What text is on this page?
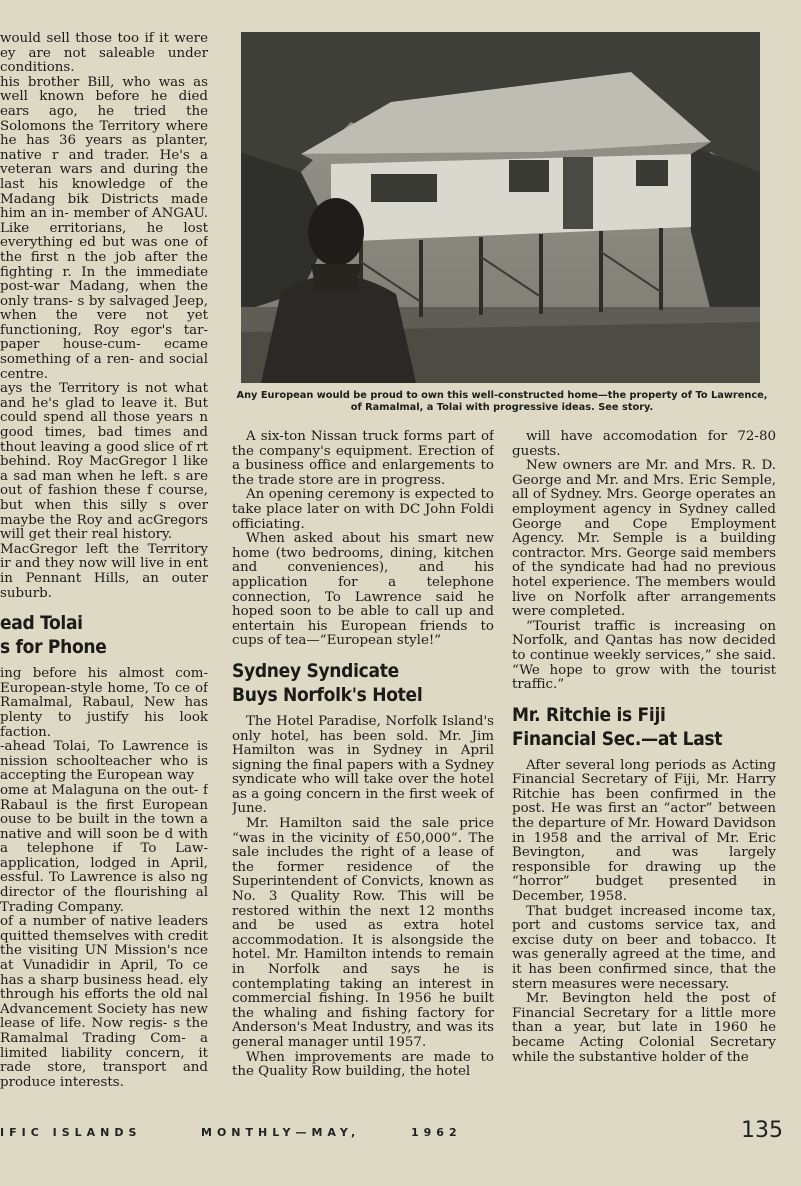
would sell those too if it were ey are not saleable under conditions.

his brother Bill, who was as well known before he died ears ago, he tried the Solomons the Territory where he has 36 years as planter, native r and trader. He's a veteran wars and during the last his knowledge of the Madang bik Districts made him an in- member of ANGAU. Like erritorians, he lost everything ed but was one of the first n the job after the fighting r. In the immediate post-war Madang, when the only trans- s by salvaged Jeep, when the vere not yet functioning, Roy egor's tar-paper house-cum- ecame something of a ren- and social centre.

ays the Territory is not what and he's glad to leave it. But could spend all those years n good times, bad times and thout leaving a good slice of rt behind. Roy MacGregor l like a sad man when he left. s are out of fashion these f course, but when this silly s over maybe the Roy and acGregors will get their real history.

MacGregor left the Territory ir and they now will live in ent in Pennant Hills, an outer suburb.

ead Tolai
s for Phone

ing before his almost com- European-style home, To ce of Ramalmal, Rabaul, New has plenty to justify his look faction.

-ahead Tolai, To Lawrence is nission schoolteacher who is accepting the European way

ome at Malaguna on the out- f Rabaul is the first European ouse to be built in the town a native and will soon be d with a telephone if To Law- application, lodged in April, essful. To Lawrence is also ng director of the flourishing al Trading Company.

of a number of native leaders quitted themselves with credit the visiting UN Mission's nce at Vunadidir in April, To ce has a sharp business head. ely through his efforts the old nal Advancement Society has new lease of life. Now regis- s the Ramalmal Trading Com- a limited liability concern, it rade store, transport and produce interests.

Any European would be proud to own this well-constructed home—the property of To Lawrence, of Ramalmal, a Tolai with progressive ideas. See story.

A six-ton Nissan truck forms part of the company's equipment. Erection of a business office and enlargements to the trade store are in progress.

An opening ceremony is expected to take place later on with DC John Foldi officiating.

When asked about his smart new home (two bedrooms, dining, kitchen and conveniences), and his application for a telephone connection, To Lawrence said he hoped soon to be able to call up and entertain his European friends to cups of tea—“European style!”

Sydney Syndicate
Buys Norfolk's Hotel

The Hotel Paradise, Norfolk Island's only hotel, has been sold. Mr. Jim Hamilton was in Sydney in April signing the final papers with a Sydney syndicate who will take over the hotel as a going concern in the first week of June.

Mr. Hamilton said the sale price “was in the vicinity of £50,000”. The sale includes the right of a lease of the former residence of the Superintendent of Convicts, known as No. 3 Quality Row. This will be restored within the next 12 months and be used as extra hotel accommodation. It is alsongside the hotel. Mr. Hamilton intends to remain in Norfolk and says he is contemplating taking an interest in commercial fishing. In 1956 he built the whaling and fishing factory for Anderson's Meat Industry, and was its general manager until 1957.

When improvements are made to the Quality Row building, the hotel

will have accomodation for 72-80 guests.

New owners are Mr. and Mrs. R. D. George and Mr. and Mrs. Eric Semple, all of Sydney. Mrs. George operates an employment agency in Sydney called George and Cope Employment Agency. Mr. Semple is a building contractor. Mrs. George said members of the syndicate had had no previous hotel experience. The members would live on Norfolk after arrangements were completed.

“Tourist traffic is increasing on Norfolk, and Qantas has now decided to continue weekly services,” she said. “We hope to grow with the tourist traffic.”

Mr. Ritchie is Fiji
Financial Sec.—at Last

After several long periods as Acting Financial Secretary of Fiji, Mr. Harry Ritchie has been confirmed in the post. He was first an “actor” between the departure of Mr. Howard Davidson in 1958 and the arrival of Mr. Eric Bevington, and was largely responsible for drawing up the “horror” budget presented in December, 1958.

That budget increased income tax, port and customs service tax, and excise duty on beer and tobacco. It was generally agreed at the time, and it has been confirmed since, that the stern measures were necessary.

Mr. Bevington held the post of Financial Secretary for a little more than a year, but late in 1960 he became Acting Colonial Secretary while the substantive holder of the

IFIC ISLANDS	MONTHLY—MAY,	1962	135
